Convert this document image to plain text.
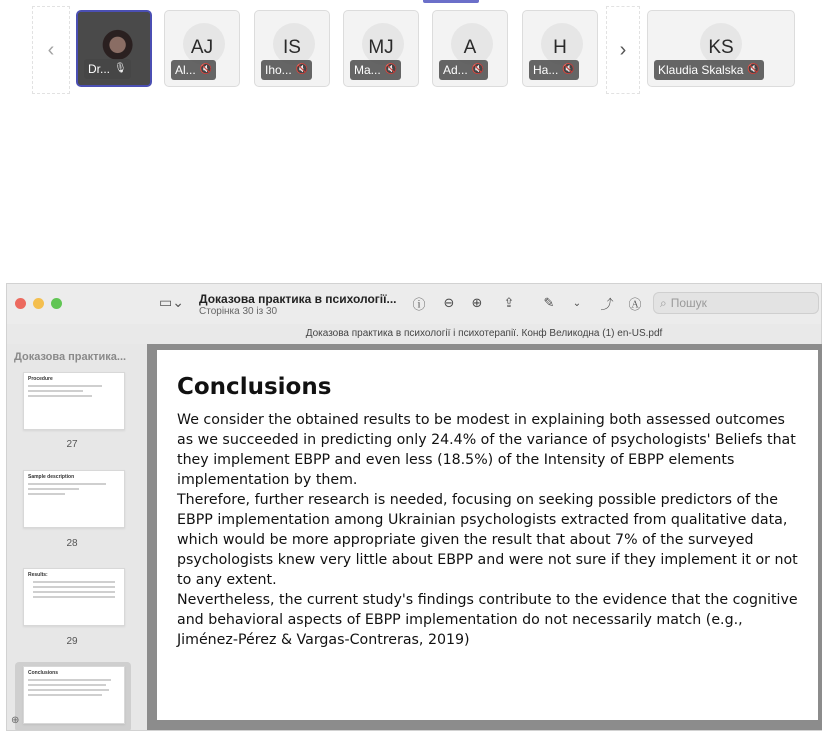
‹
Dr... 🎙
AJ
Al... 🔇
IS
Iho... 🔇
MJ
Ma... 🔇
A
Ad... 🔇
H
Ha... 🔇
›	KS
Klaudia Skalska 🔇
▭⌄ Доказова практика в психології...
Сторінка 30 із 30	ⓘ	⊖	⊕	⇪	✎	⌄	⤴ Ⓐ ⌕ Пошук
Доказова практика в психології і психотерапії. Конф Великодна (1) en-US.pdf
Доказова практика...
Procedure
27
Sample description
28
Results:
29
Conclusions
⊕
Conclusions

We consider the obtained results to be modest in explaining both assessed outcomes as we succeeded in predicting only 24.4% of the variance of psychologists' Beliefs that they implement EBPP and even less (18.5%) of the Intensity of EBPP elements implementation by them.

Therefore, further research is needed, focusing on seeking possible predictors of the EBPP implementation among Ukrainian psychologists extracted from qualitative data, which would be more appropriate given the result that about 7% of the surveyed psychologists knew very little about EBPP and were not sure if they implement it or not to any extent.

Nevertheless, the current study's findings contribute to the evidence that the cognitive and behavioral aspects of EBPP implementation do not necessarily match (e.g., Jiménez-Pérez & Vargas-Contreras, 2019)
